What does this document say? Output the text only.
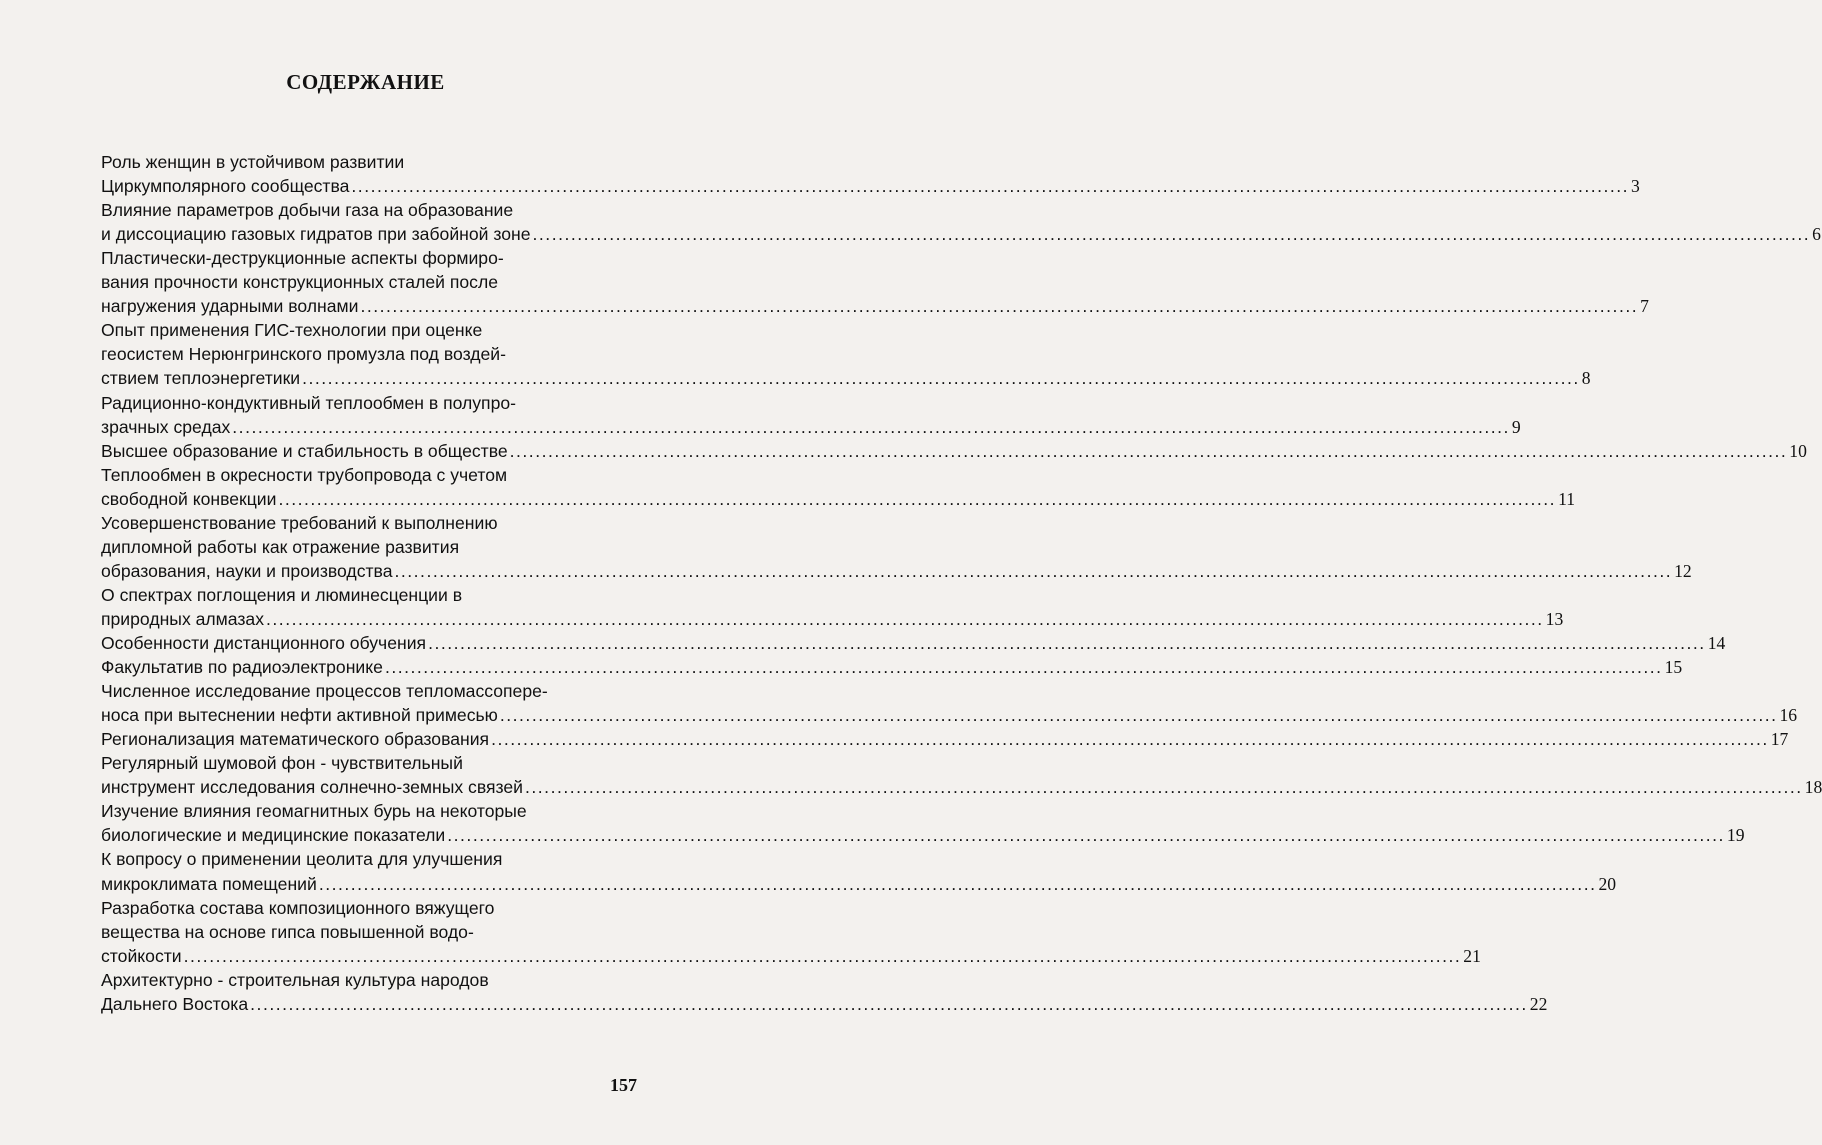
СОДЕРЖАНИЕ
Роль женщин в устойчивом развитии
Циркумполярного сообщества ........................................................................................................................................................................................................ 3
Влияние параметров добычи газа на образование
и диссоциацию газовых гидратов при забойной зоне ........................................................................................................................................................................................................ 6
Пластически-деструкционные аспекты формиро-
вания прочности конструкционных сталей после
нагружения ударными волнами ........................................................................................................................................................................................................ 7
Опыт применения ГИС-технологии при оценке
геосистем Нерюнгринского промузла под воздей-
ствием теплоэнергетики ........................................................................................................................................................................................................ 8
Радиционно-кондуктивный теплообмен в полупро-
зрачных средах ........................................................................................................................................................................................................ 9
Высшее образование и стабильность в обществе ........................................................................................................................................................................................................ 10
Теплообмен в окресности трубопровода с учетом
свободной конвекции ........................................................................................................................................................................................................ 11
Усовершенствование требований к выполнению
дипломной работы как отражение развития
образования, науки и производства ........................................................................................................................................................................................................ 12
О спектрах поглощения и люминесценции в
природных алмазах ........................................................................................................................................................................................................ 13
Особенности дистанционного обучения ........................................................................................................................................................................................................ 14
Факультатив по радиоэлектронике ........................................................................................................................................................................................................ 15
Численное исследование процессов тепломассопере-
носа при вытеснении нефти активной примесью ........................................................................................................................................................................................................ 16
Регионализация математического образования ........................................................................................................................................................................................................ 17
Регулярный шумовой фон - чувствительный
инструмент исследования солнечно-земных связей ........................................................................................................................................................................................................ 18
Изучение влияния геомагнитных бурь на некоторые
биологические и медицинские показатели ........................................................................................................................................................................................................ 19
К вопросу о применении цеолита для улучшения
микроклимата помещений ........................................................................................................................................................................................................ 20
Разработка состава композиционного вяжущего
вещества на основе гипса повышенной водо-
стойкости ........................................................................................................................................................................................................ 21
Архитектурно - строительная культура народов
Дальнего Востока ........................................................................................................................................................................................................ 22
157
